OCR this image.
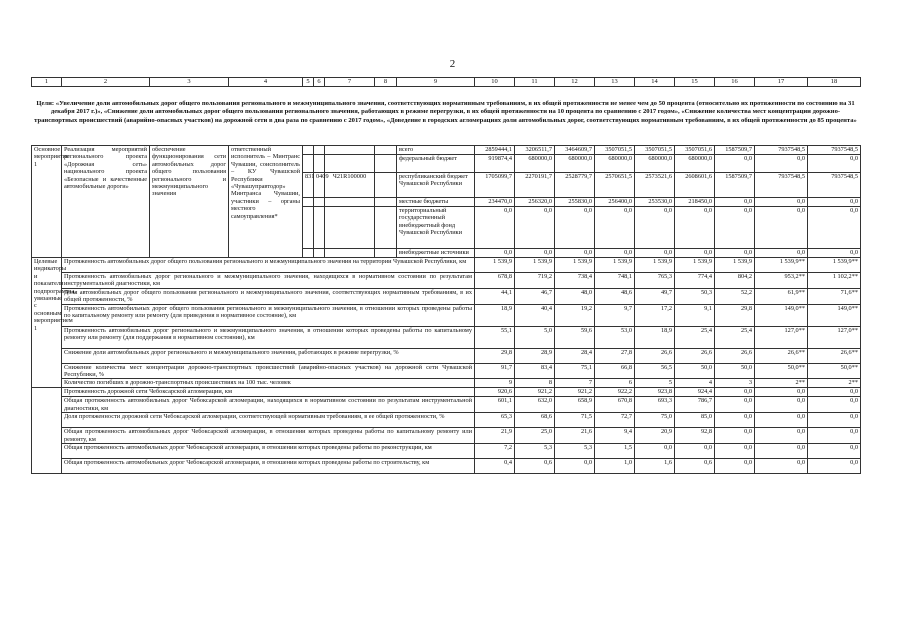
2
1	2	3	4	5	6	7	8	9	10	11	12	13	14	15	16	17	18
Цели: «Увеличение доли автомобильных дорог общего пользования регионального и межмуниципального значения, соответствующих нормативным требованиям, в их общей протяженности не менее чем до 50 процента (относительно их протяженности по состоянию на 31 декабря 2017 г.)», «Снижение доли автомобильных дорог общего пользования регионального значения, работающих в режиме перегрузки, в их общей протяженности на 10 процента по сравнению с 2017 годом», «Снижение количества мест концентрации дорожно-транспортных происшествий (аварийно-опасных участков) на дорожной сети в два раза по сравнению с 2017 годом», «Доведение в городских агломерациях доли автомобильных дорог, соответствующих нормативным требованиям, в их общей протяженности до 85 процента»
Основное мероприятие 1	Реализация мероприятий регионального проекта «Дорожная сеть» национального проекта «Безопасные и качественные автомобильные дороги»	обеспечение функционирования сети автомобильных дорог общего пользования регионального и межмуниципального значения	ответственный исполнитель – Минтранс Чувашии, соисполнитель – КУ Чувашской Республики «Чувашуправтодор» Минтранса Чувашии, участники – органы местного самоуправления*					всего	2859444,1	3206511,7	3464609,7	3507051,5	3507051,5	3507051,6	1587509,7	7937548,5	7937548,5
								федеральный бюджет	919874,4	680000,0	680000,0	680000,0	680000,0	680000,0	0,0	0,0	0,0
				831	0409	Ч21R100000		республиканский бюджет Чувашской Республики	1705099,7	2270191,7	2528779,7	2570651,5	2573521,6	2608601,6	1587509,7	7937548,5	7937548,5
								местные бюджеты	234470,0	256320,0	255830,0	256400,0	253530,0	218450,0	0,0	0,0	0,0
								территориальный государственный внебюджетный фонд Чувашской Республики	0,0	0,0	0,0	0,0	0,0	0,0	0,0	0,0	0,0
								внебюджетные источники	0,0	0,0	0,0	0,0	0,0	0,0	0,0	0,0	0,0
Целевые индикаторы и показатели подпрограммы, увязанные с основным мероприятием 1	Протяженность автомобильных дорог общего пользования регионального и межмуниципального значения на территории Чувашской Республики, км								1 539,9	1 539,9	1 539,9	1 539,9	1 539,9	1 539,9	1 539,9	1 539,9**	1 539,9**
	Протяженность автомобильных дорог регионального и межмуниципального значения, находящихся в нормативном состоянии по результатам инструментальной диагностики, км								678,8	719,2	738,4	748,1	765,3	774,4	804,2	953,2**	1 102,2**
	Доля автомобильных дорог общего пользования регионального и межмуниципального значения, соответствующих нормативным требованиям, в их общей протяженности, %								44,1	46,7	48,0	48,6	49,7	50,3	52,2	61,9**	71,6**
	Протяженность автомобильных дорог общего пользования регионального и межмуниципального значения, в отношении которых проведены работы по капитальному ремонту или ремонту (для приведения в нормативное состояние), км								18,9	40,4	19,2	9,7	17,2	9,1	29,8	149,0**	149,0**
	Протяженность автомобильных дорог регионального и межмуниципального значения, в отношении которых проведены работы по капитальному ремонту или ремонту (для поддержания в нормативном состоянии), км								55,1	5,0	59,6	53,0	18,9	25,4	25,4	127,0**	127,0**
	Снижение доли автомобильных дорог регионального и межмуниципального значения, работающих в режиме перегрузки, %								29,8	28,9	28,4	27,8	26,6	26,6	26,6	26,6**	26,6**
	Снижение количества мест концентрации дорожно-транспортных происшествий (аварийно-опасных участков) на дорожной сети Чувашской Республики, %								91,7	83,4	75,1	66,8	56,5	50,0	50,0	50,0**	50,0**
	Количество погибших в дорожно-транспортных происшествиях на 100 тыс. человек								9	8	7	6	5	4	3	2**	2**
	Протяженность дорожной сети Чебоксарской агломерации, км								920,6	921,2	921,2	922,2	923,8	924,4	0,0	0,0	0,0
	Общая протяженность автомобильных дорог Чебоксарской агломерации, находящихся в нормативном состоянии по результатам инструментальной диагностики, км								601,1	632,0	658,9	670,8	693,3	786,7	0,0	0,0	0,0
	Доля протяженности дорожной сети Чебоксарской агломерации, соответствующей нормативным требованиям, в ее общей протяженности, %								65,3	68,6	71,5	72,7	75,0	85,0	0,0	0,0	0,0
	Общая протяженность автомобильных дорог Чебоксарской агломерации, в отношении которых проведены работы по капитальному ремонту или ремонту, км								21,9	25,0	21,6	9,4	20,9	92,8	0,0	0,0	0,0
	Общая протяженность автомобильных дорог Чебоксарской агломерации, в отношении которых проведены работы по реконструкции, км								7,2	5,3	5,3	1,5	0,0	0,0	0,0	0,0	0,0
	Общая протяженность автомобильных дорог Чебоксарской агломерации, в отношении которых проведены работы по строительству, км								0,4	0,6	0,0	1,0	1,6	0,6	0,0	0,0	0,0
